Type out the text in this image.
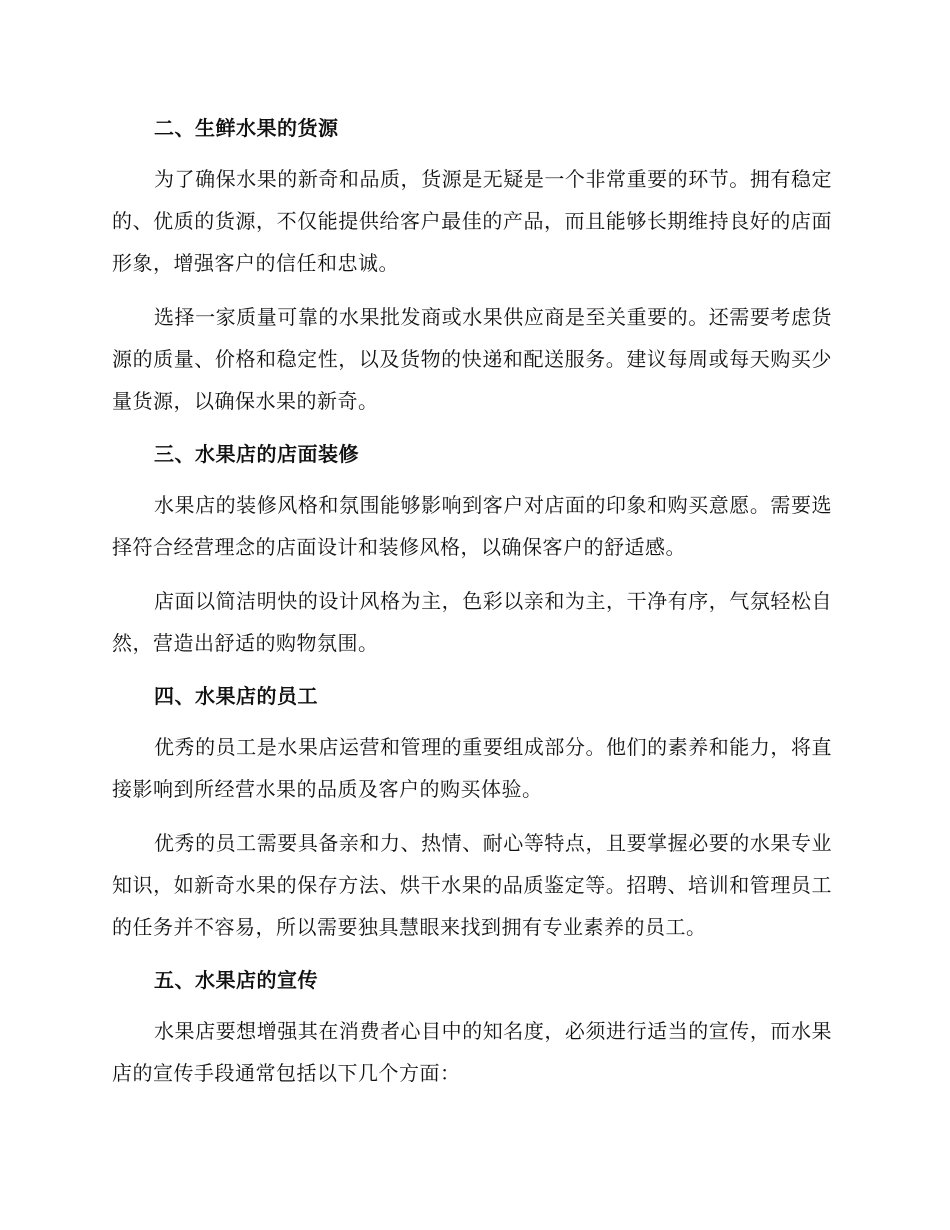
二、生鲜水果的货源

为了确保水果的新奇和品质，货源是无疑是一个非常重要的环节。拥有稳定的、优质的货源，不仅能提供给客户最佳的产品，而且能够长期维持良好的店面形象，增强客户的信任和忠诚。

选择一家质量可靠的水果批发商或水果供应商是至关重要的。还需要考虑货源的质量、价格和稳定性，以及货物的快递和配送服务。建议每周或每天购买少量货源，以确保水果的新奇。

三、水果店的店面装修

水果店的装修风格和氛围能够影响到客户对店面的印象和购买意愿。需要选择符合经营理念的店面设计和装修风格，以确保客户的舒适感。

店面以简洁明快的设计风格为主，色彩以亲和为主，干净有序，气氛轻松自然，营造出舒适的购物氛围。

四、水果店的员工

优秀的员工是水果店运营和管理的重要组成部分。他们的素养和能力，将直接影响到所经营水果的品质及客户的购买体验。

优秀的员工需要具备亲和力、热情、耐心等特点，且要掌握必要的水果专业知识，如新奇水果的保存方法、烘干水果的品质鉴定等。招聘、培训和管理员工的任务并不容易，所以需要独具慧眼来找到拥有专业素养的员工。

五、水果店的宣传

水果店要想增强其在消费者心目中的知名度，必须进行适当的宣传，而水果店的宣传手段通常包括以下几个方面：
